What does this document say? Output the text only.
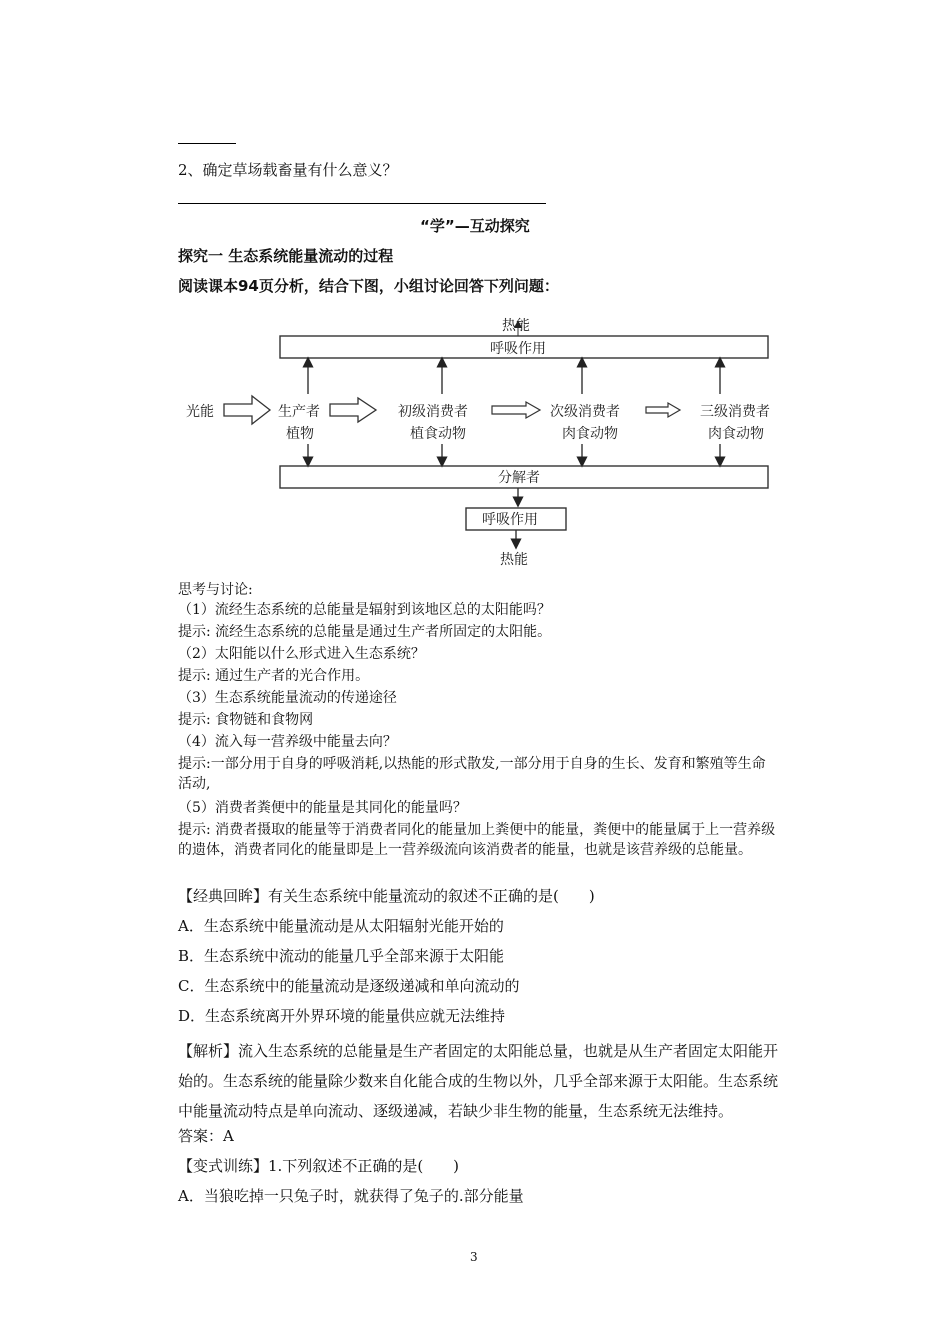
2、确定草场载畜量有什么意义？
“学”—互动探究
探究一 生态系统能量流动的过程
阅读课本94页分析，结合下图，小组讨论回答下列问题：
热能
呼吸作用
光能	生产者
植物
初级消费者
植食动物
次级消费者
肉食动物
三级消费者
肉食动物
分解者
呼吸作用
热能
思考与讨论:
（1）流经生态系统的总能量是辐射到该地区总的太阳能吗？
提示: 流经生态系统的总能量是通过生产者所固定的太阳能。
（2）太阳能以什么形式进入生态系统？
提示: 通过生产者的光合作用。
（3）生态系统能量流动的传递途径
提示: 食物链和食物网
（4）流入每一营养级中能量去向？
提示:一部分用于自身的呼吸消耗,以热能的形式散发,一部分用于自身的生长、发育和繁殖等生命活动,
（5）消费者粪便中的能量是其同化的能量吗？
提示: 消费者摄取的能量等于消费者同化的能量加上粪便中的能量，粪便中的能量属于上一营养级的遗体，消费者同化的能量即是上一营养级流向该消费者的能量，也就是该营养级的总能量。
【经典回眸】有关生态系统中能量流动的叙述不正确的是(　　)
A．生态系统中能量流动是从太阳辐射光能开始的
B．生态系统中流动的能量几乎全部来源于太阳能
C．生态系统中的能量流动是逐级递减和单向流动的
D．生态系统离开外界环境的能量供应就无法维持
【解析】流入生态系统的总能量是生产者固定的太阳能总量，也就是从生产者固定太阳能开始的。生态系统的能量除少数来自化能合成的生物以外，几乎全部来源于太阳能。生态系统中能量流动特点是单向流动、逐级递减，若缺少非生物的能量，生态系统无法维持。
答案：A
【变式训练】1.下列叙述不正确的是(　　)
A．当狼吃掉一只兔子时，就获得了兔子的.部分能量
3
